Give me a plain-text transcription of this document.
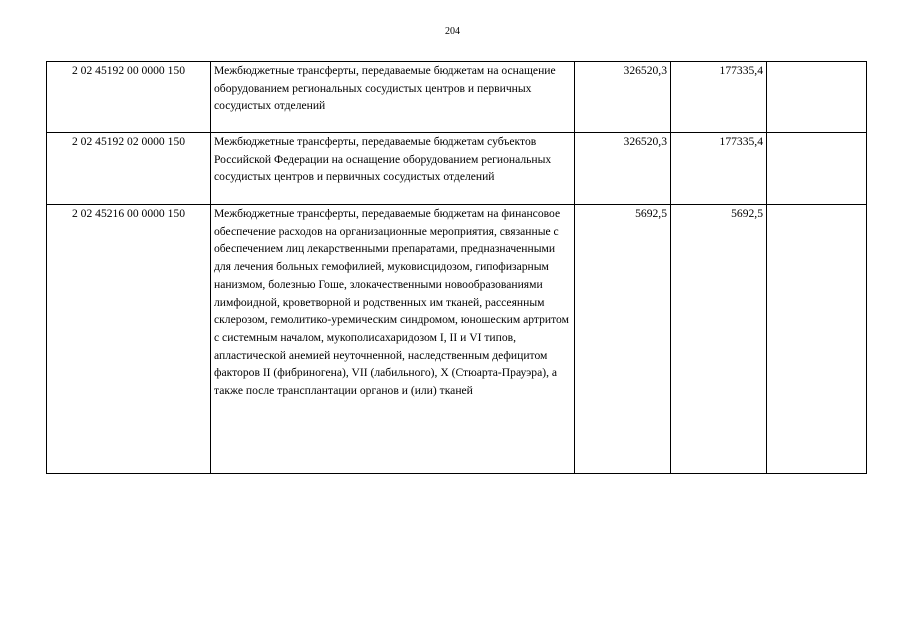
204
2 02 45192 00 0000 150	Межбюджетные трансферты, передаваемые бюджетам на оснащение оборудованием региональных сосудистых центров и первичных сосудистых отделений	326520,3	177335,4	
2 02 45192 02 0000 150	Межбюджетные трансферты, передаваемые бюджетам субъектов Российской Федерации на оснащение оборудованием региональных сосудистых центров и первичных сосудистых отделений	326520,3	177335,4	
2 02 45216 00 0000 150	Межбюджетные трансферты, передаваемые бюджетам на финансовое обеспечение расходов на организационные мероприятия, связанные с обеспечением лиц лекарственными препаратами, предназначенными для лечения больных гемофилией, муковисцидозом, гипофизарным нанизмом, болезнью Гоше, злокачественными новообразованиями лимфоидной, кроветворной и родственных им тканей, рассеянным склерозом, гемолитико-уремическим синдромом, юношеским артритом с системным началом, мукополисахаридозом I, II и VI типов, апластической анемией неуточненной, наследственным дефицитом факторов II (фибриногена), VII (лабильного), X (Стюарта-Прауэра), а также после трансплантации органов и (или) тканей	5692,5	5692,5	
